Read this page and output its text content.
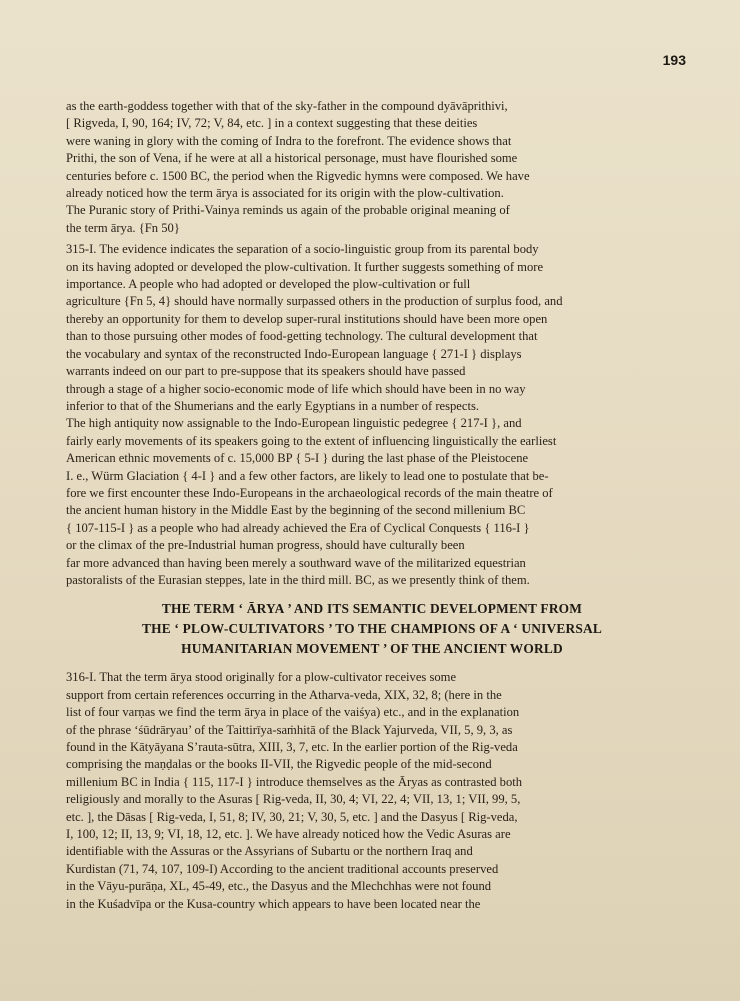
193

as the earth-goddess together with that of the sky-father in the compound dyāvāprithivi,
[ Rigveda, I, 90, 164; IV, 72; V, 84, etc. ] in a context suggesting that these deities
were waning in glory with the coming of Indra to the forefront. The evidence shows that
Prithi, the son of Vena, if he were at all a historical personage, must have flourished some
centuries before c. 1500 BC, the period when the Rigvedic hymns were composed. We have
already noticed how the term ārya is associated for its origin with the plow-cultivation.
The Puranic story of Prithi-Vainya reminds us again of the probable original meaning of
the term ārya. {Fn 50}

315-I. The evidence indicates the separation of a socio-linguistic group from its parental body
on its having adopted or developed the plow-cultivation. It further suggests something of more
importance. A people who had adopted or developed the plow-cultivation or full
agriculture {Fn 5, 4} should have normally surpassed others in the production of surplus food, and
thereby an opportunity for them to develop super-rural institutions should have been more open
than to those pursuing other modes of food-getting technology. The cultural development that
the vocabulary and syntax of the reconstructed Indo-European language { 271-I } displays
warrants indeed on our part to pre-suppose that its speakers should have passed
through a stage of a higher socio-economic mode of life which should have been in no way
inferior to that of the Shumerians and the early Egyptians in a number of respects.
The high antiquity now assignable to the Indo-European linguistic pedegree { 217-I }, and
fairly early movements of its speakers going to the extent of influencing linguistically the earliest
American ethnic movements of c. 15,000 BP { 5-I } during the last phase of the Pleistocene
I. e., Würm Glaciation { 4-I } and a few other factors, are likely to lead one to postulate that be-
fore we first encounter these Indo-Europeans in the archaeological records of the main theatre of
the ancient human history in the Middle East by the beginning of the second millenium BC
{ 107-115-I } as a people who had already achieved the Era of Cyclical Conquests { 116-I }
or the climax of the pre-Industrial human progress, should have culturally been
far more advanced than having been merely a southward wave of the militarized equestrian
pastoralists of the Eurasian steppes, late in the third mill. BC, as we presently think of them.

THE TERM ‘ ĀRYA ’ AND ITS SEMANTIC DEVELOPMENT FROM
THE ‘ PLOW-CULTIVATORS ’ TO THE CHAMPIONS OF A ‘ UNIVERSAL
HUMANITARIAN MOVEMENT ’ OF THE ANCIENT WORLD

316-I. That the term ārya stood originally for a plow-cultivator receives some
support from certain references occurring in the Atharva-veda, XIX, 32, 8; (here in the
list of four varṇas we find the term ārya in place of the vaiśya) etc., and in the explanation
of the phrase ‘śūdrāryau’ of the Taittirīya-saṁhitā of the Black Yajurveda, VII, 5, 9, 3, as
found in the Kātyāyana S’rauta-sūtra, XIII, 3, 7, etc. In the earlier portion of the Rig-veda
comprising the maṇḍalas or the books II-VII, the Rigvedic people of the mid-second
millenium BC in India { 115, 117-I } introduce themselves as the Āryas as contrasted both
religiously and morally to the Asuras [ Rig-veda, II, 30, 4; VI, 22, 4; VII, 13, 1; VII, 99, 5,
etc. ], the Dāsas [ Rig-veda, I, 51, 8; IV, 30, 21; V, 30, 5, etc. ] and the Dasyus [ Rig-veda,
I, 100, 12; II, 13, 9; VI, 18, 12, etc. ]. We have already noticed how the Vedic Asuras are
identifiable with the Assuras or the Assyrians of Subartu or the northern Iraq and
Kurdistan (71, 74, 107, 109-I) According to the ancient traditional accounts preserved
in the Vāyu-purāṇa, XL, 45-49, etc., the Dasyus and the Mlechchhas were not found
in the Kuśadvīpa or the Kusa-country which appears to have been located near the
